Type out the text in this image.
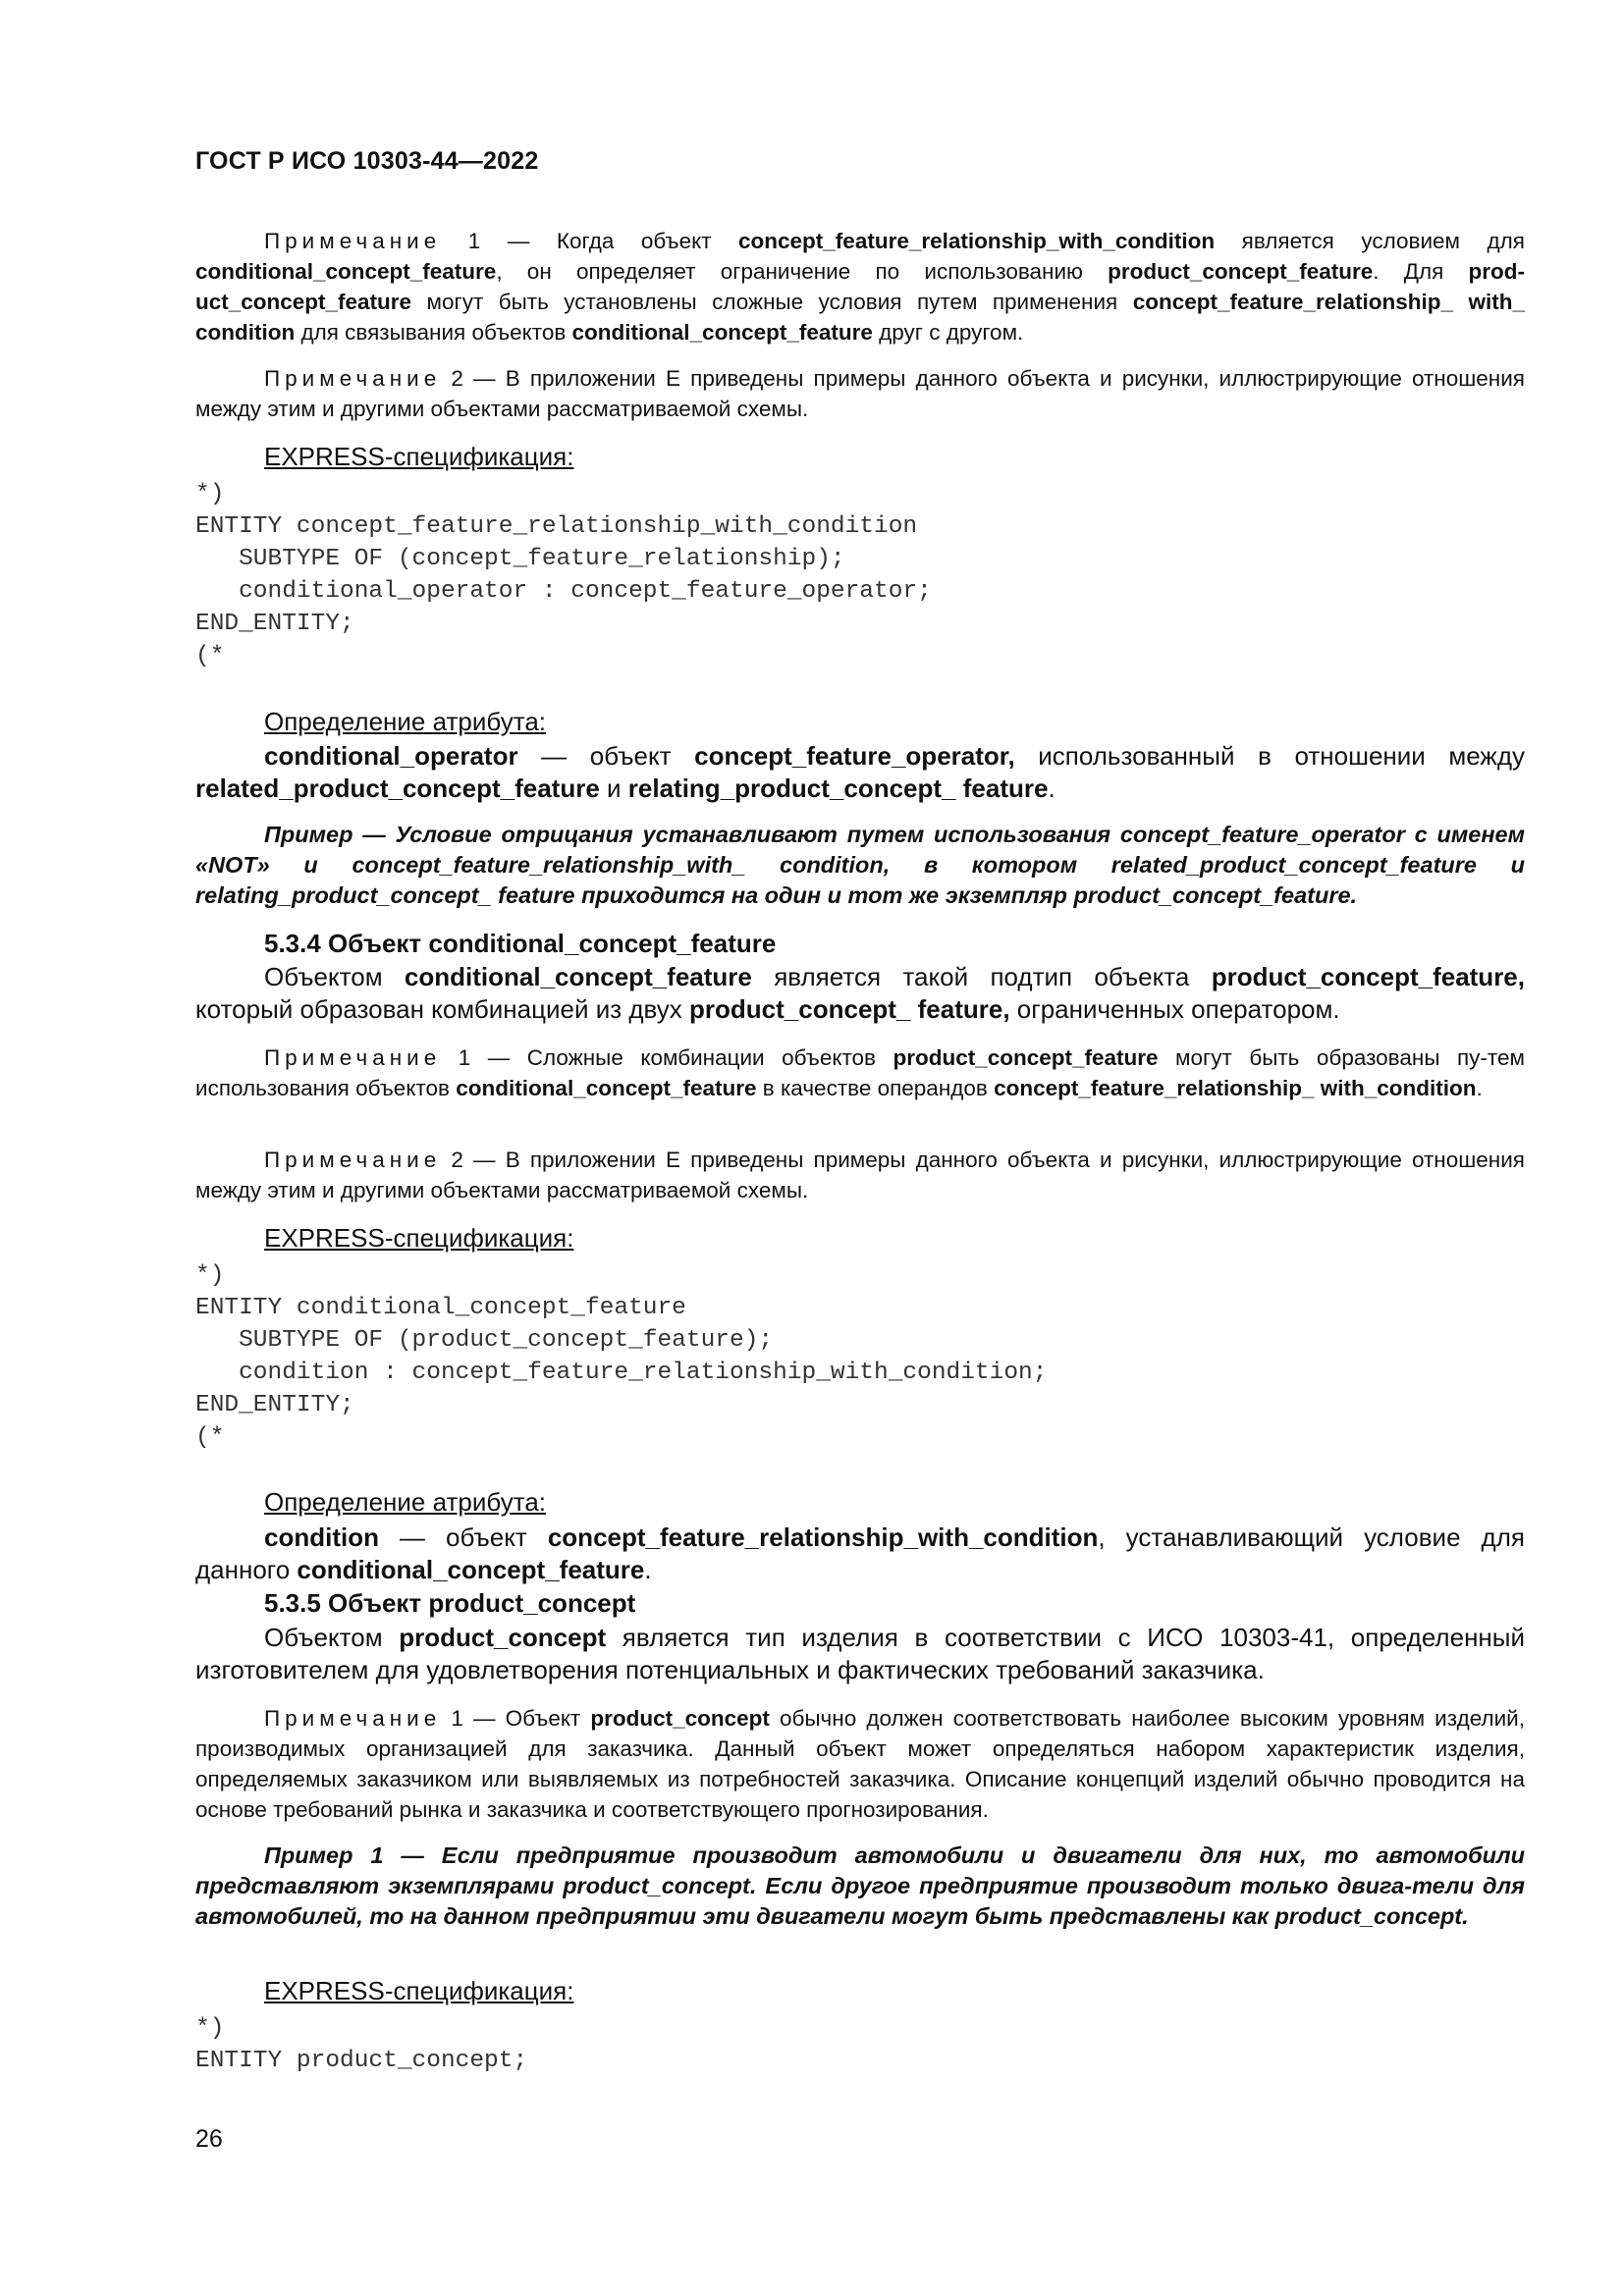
ГОСТ Р ИСО 10303-44—2022
Примечание 1 — Когда объект concept_feature_relationship_with_condition является условием для conditional_concept_feature, он определяет ограничение по использованию product_concept_feature. Для prod-uct_concept_feature могут быть установлены сложные условия путем применения concept_feature_relationship_ with_ condition для связывания объектов conditional_concept_feature друг с другом.
Примечание 2 — В приложении Е приведены примеры данного объекта и рисунки, иллюстрирующие отношения между этим и другими объектами рассматриваемой схемы.
EXPRESS-спецификация:
*)
ENTITY concept_feature_relationship_with_condition
SUBTYPE OF (concept_feature_relationship);
conditional_operator : concept_feature_operator;
END_ENTITY;
(*
Определение атрибута:
conditional_operator — объект concept_feature_operator, использованный в отношении между related_product_concept_feature и relating_product_concept_ feature.
Пример — Условие отрицания устанавливают путем использования concept_feature_operator с именем «NOT» и concept_feature_relationship_with_ condition, в котором related_product_concept_feature и relating_product_concept_ feature приходится на один и тот же экземпляр product_concept_feature.
5.3.4 Объект conditional_concept_feature
Объектом conditional_concept_feature является такой подтип объекта product_concept_feature, который образован комбинацией из двух product_concept_ feature, ограниченных оператором.
Примечание 1 — Сложные комбинации объектов product_concept_feature могут быть образованы пу-тем использования объектов conditional_concept_feature в качестве операндов concept_feature_relationship_ with_condition.
Примечание 2 — В приложении Е приведены примеры данного объекта и рисунки, иллюстрирующие отношения между этим и другими объектами рассматриваемой схемы.
EXPRESS-спецификация:
*)
ENTITY conditional_concept_feature
SUBTYPE OF (product_concept_feature);
condition : concept_feature_relationship_with_condition;
END_ENTITY;
(*
Определение атрибута:
condition — объект concept_feature_relationship_with_condition, устанавливающий условие для данного conditional_concept_feature.
5.3.5 Объект product_concept
Объектом product_concept является тип изделия в соответствии с ИСО 10303-41, определенный изготовителем для удовлетворения потенциальных и фактических требований заказчика.
Примечание 1 — Объект product_concept обычно должен соответствовать наиболее высоким уровням изделий, производимых организацией для заказчика. Данный объект может определяться набором характеристик изделия, определяемых заказчиком или выявляемых из потребностей заказчика. Описание концепций изделий обычно проводится на основе требований рынка и заказчика и соответствующего прогнозирования.
Пример 1 — Если предприятие производит автомобили и двигатели для них, то автомобили представляют экземплярами product_concept. Если другое предприятие производит только двига-тели для автомобилей, то на данном предприятии эти двигатели могут быть представлены как product_concept.
EXPRESS-спецификация:
*)
ENTITY product_concept;
26
